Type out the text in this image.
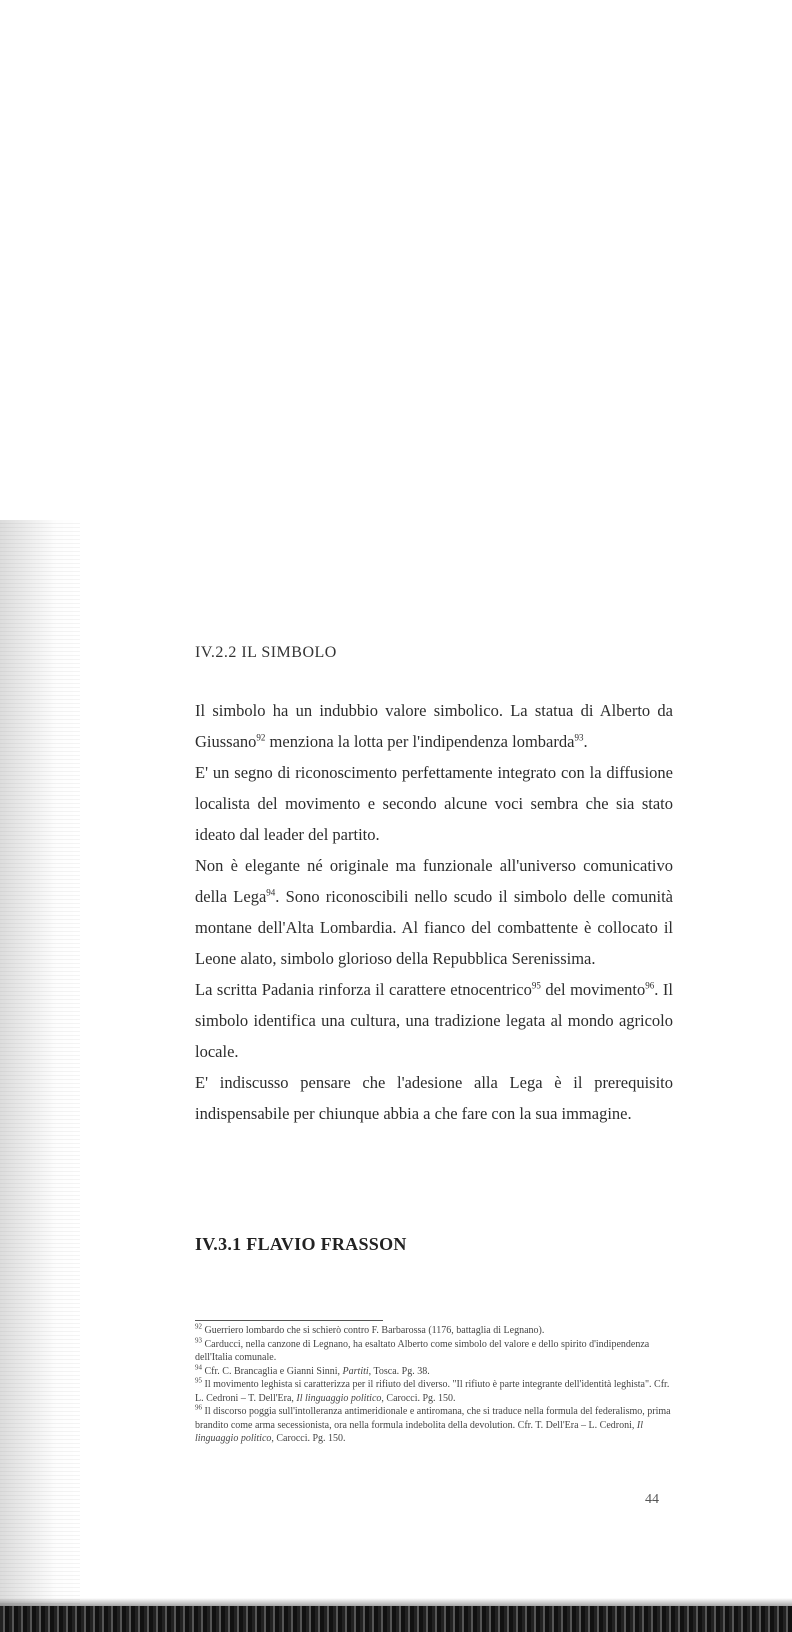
IV.2.2 IL SIMBOLO

Il simbolo ha un indubbio valore simbolico. La statua di Alberto da Giussano$^{92}$ menziona la lotta per l'indipendenza lombarda$^{93}$.

E' un segno di riconoscimento perfettamente integrato con la diffusione localista del movimento e secondo alcune voci sembra che sia stato ideato dal leader del partito.

Non è elegante né originale ma funzionale all'universo comunicativo della Lega$^{94}$. Sono riconoscibili nello scudo il simbolo delle comunità montane dell'Alta Lombardia. Al fianco del combattente è collocato il Leone alato, simbolo glorioso della Repubblica Serenissima.

La scritta Padania rinforza il carattere etnocentrico$^{95}$ del movimento$^{96}$. Il simbolo identifica una cultura, una tradizione legata al mondo agricolo locale.

E' indiscusso pensare che l'adesione alla Lega è il prerequisito indispensabile per chiunque abbia a che fare con la sua immagine.

IV.3.1 FLAVIO FRASSON

$^{92}$ Guerriero lombardo che si schierò contro F. Barbarossa (1176, battaglia di Legnano).

$^{93}$ Carducci, nella canzone di Legnano, ha esaltato Alberto come simbolo del valore e dello spirito d'indipendenza dell'Italia comunale.

$^{94}$ Cfr. C. Brancaglia e Gianni Sinni, Partiti, Tosca. Pg. 38.

$^{95}$ Il movimento leghista si caratterizza per il rifiuto del diverso. "Il rifiuto è parte integrante dell'identità leghista". Cfr. L. Cedroni – T. Dell'Era, Il linguaggio politico, Carocci. Pg. 150.

$^{96}$ Il discorso poggia sull'intolleranza antimeridionale e antiromana, che si traduce nella formula del federalismo, prima brandito come arma secessionista, ora nella formula indebolita della devolution. Cfr. T. Dell'Era – L. Cedroni, Il linguaggio politico, Carocci. Pg. 150.

44
